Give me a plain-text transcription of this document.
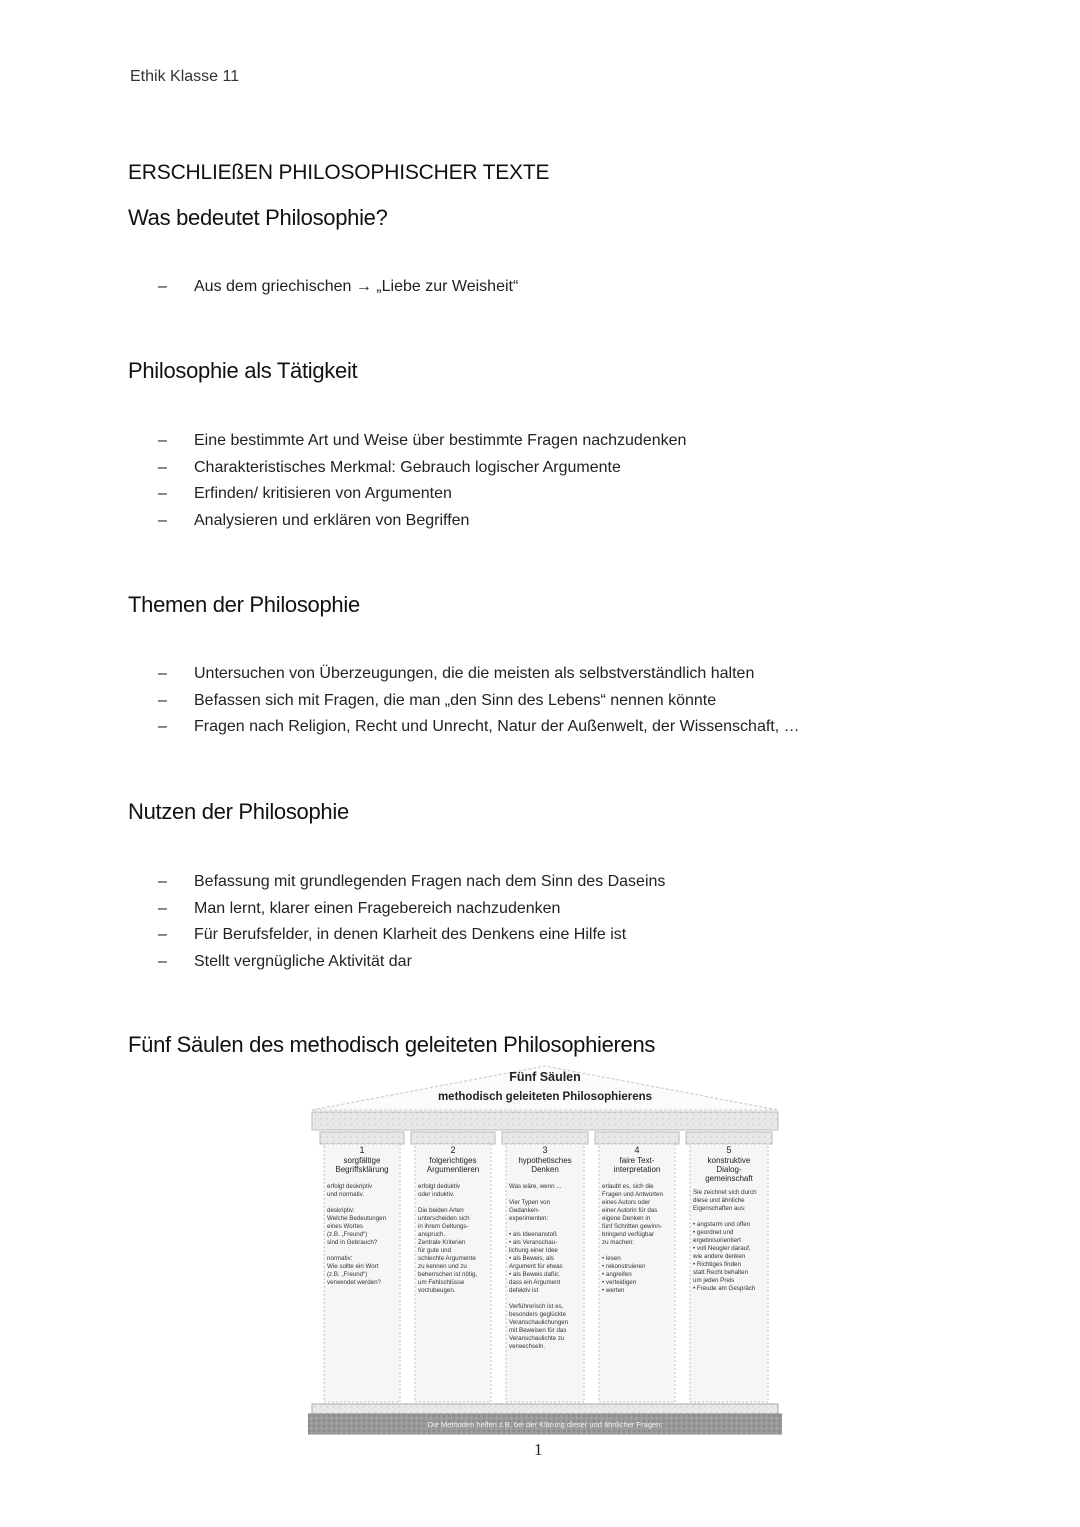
Ethik Klasse 11
ERSCHLIEßEN PHILOSOPHISCHER TEXTE
Was bedeutet Philosophie?
– Aus dem griechischen → „Liebe zur Weisheit“
Philosophie als Tätigkeit
– Eine bestimmte Art und Weise über bestimmte Fragen nachzudenken
– Charakteristisches Merkmal: Gebrauch logischer Argumente
– Erfinden/ kritisieren von Argumenten
– Analysieren und erklären von Begriffen
Themen der Philosophie
– Untersuchen von Überzeugungen, die die meisten als selbstverständlich halten
– Befassen sich mit Fragen, die man „den Sinn des Lebens“ nennen könnte
– Fragen nach Religion, Recht und Unrecht, Natur der Außenwelt, der Wissenschaft, …
Nutzen der Philosophie
– Befassung mit grundlegenden Fragen nach dem Sinn des Daseins
– Man lernt, klarer einen Fragebereich nachzudenken
– Für Berufsfelder, in denen Klarheit des Denkens eine Hilfe ist
– Stellt vergnügliche Aktivität dar
Fünf Säulen des methodisch geleiteten Philosophierens
Fünf Säulen
methodisch geleiteten Philosophierens
1
sorgfältige
Begriffsklärung
erfolgt deskriptiv
und normativ.
deskriptiv:
Welche Bedeutungen
eines Wortes
(z.B. „Freund“)
sind in Gebrauch?
normativ:
Wie sollte ein Wort
(z.B. „Freund“)
verwendet werden?
2
folgerichtiges
Argumentieren
erfolgt deduktiv
oder induktiv.
Die beiden Arten
unterscheiden sich
in ihrem Geltungs-
anspruch.
Zentrale Kriterien
für gute und
schlechte Argumente
zu kennen und zu
beherrschen ist nötig,
um Fehlschlüsse
vorzubeugen.
3
hypothetisches
Denken
Was wäre, wenn ...
Vier Typen von
Gedanken-
experimenten:
• als Ideenanstoß
• als Veranschau-
lichung einer Idee
• als Beweis, als
Argument für etwas
• als Beweis dafür,
dass ein Argument
defektiv ist
Verführerisch ist es,
besonders geglückte
Veranschaulichungen
mit Beweisen für das
Veranschaulichte zu
verwechseln.
4
faire Text-
interpretation
erlaubt es, sich die
Fragen und Antworten
eines Autors oder
einer Autorin für das
eigene Denken in
fünf Schritten gewinn-
bringend verfügbar
zu machen:
• lesen
• rekonstruieren
• angreifen
• verteidigen
• werten
5
konstruktive
Dialog-
gemeinschaft
Sie zeichnet sich durch
diese und ähnliche
Eigenschaften aus:
• angstarm und offen
• geordnet und
ergebnisorientiert
• voll Neugier darauf,
wie andere denken
• Richtiges finden
statt Recht behalten
um jeden Preis
• Freude am Gespräch
Die Methoden helfen z.B. bei der Klärung dieser und ähnlicher Fragen:
1
